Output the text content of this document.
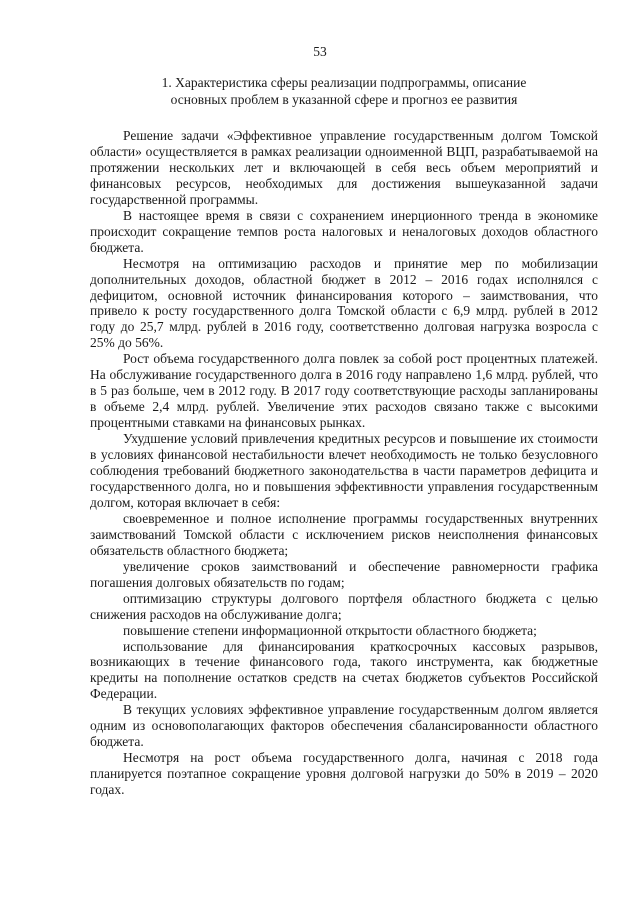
53
1. Характеристика сферы реализации подпрограммы, описание
основных проблем в указанной сфере и прогноз ее развития

Решение задачи «Эффективное управление государственным долгом Томской области» осуществляется в рамках реализации одноименной ВЦП, разрабатываемой на протяжении нескольких лет и включающей в себя весь объем мероприятий и финансовых ресурсов, необходимых для достижения вышеуказанной задачи государственной программы.

В настоящее время в связи с сохранением инерционного тренда в экономике происходит сокращение темпов роста налоговых и неналоговых доходов областного бюджета.

Несмотря на оптимизацию расходов и принятие мер по мобилизации дополнительных доходов, областной бюджет в 2012 – 2016 годах исполнялся с дефицитом, основной источник финансирования которого – заимствования, что привело к росту государственного долга Томской области с 6,9 млрд. рублей в 2012 году до 25,7 млрд. рублей в 2016 году, соответственно долговая нагрузка возросла с 25% до 56%.

Рост объема государственного долга повлек за собой рост процентных платежей. На обслуживание государственного долга в 2016 году направлено 1,6 млрд. рублей, что в 5 раз больше, чем в 2012 году. В 2017 году соответствующие расходы запланированы в объеме 2,4 млрд. рублей. Увеличение этих расходов связано также с высокими процентными ставками на финансовых рынках.

Ухудшение условий привлечения кредитных ресурсов и повышение их стоимости в условиях финансовой нестабильности влечет необходимость не только безусловного соблюдения требований бюджетного законодательства в части параметров дефицита и государственного долга, но и повышения эффективности управления государственным долгом, которая включает в себя:

своевременное и полное исполнение программы государственных внутренних заимствований Томской области с исключением рисков неисполнения финансовых обязательств областного бюджета;

увеличение сроков заимствований и обеспечение равномерности графика погашения долговых обязательств по годам;

оптимизацию структуры долгового портфеля областного бюджета с целью снижения расходов на обслуживание долга;

повышение степени информационной открытости областного бюджета;

использование для финансирования краткосрочных кассовых разрывов, возникающих в течение финансового года, такого инструмента, как бюджетные кредиты на пополнение остатков средств на счетах бюджетов субъектов Российской Федерации.

В текущих условиях эффективное управление государственным долгом является одним из основополагающих факторов обеспечения сбалансированности областного бюджета.

Несмотря на рост объема государственного долга, начиная с 2018 года планируется поэтапное сокращение уровня долговой нагрузки до 50% в 2019 – 2020 годах.
